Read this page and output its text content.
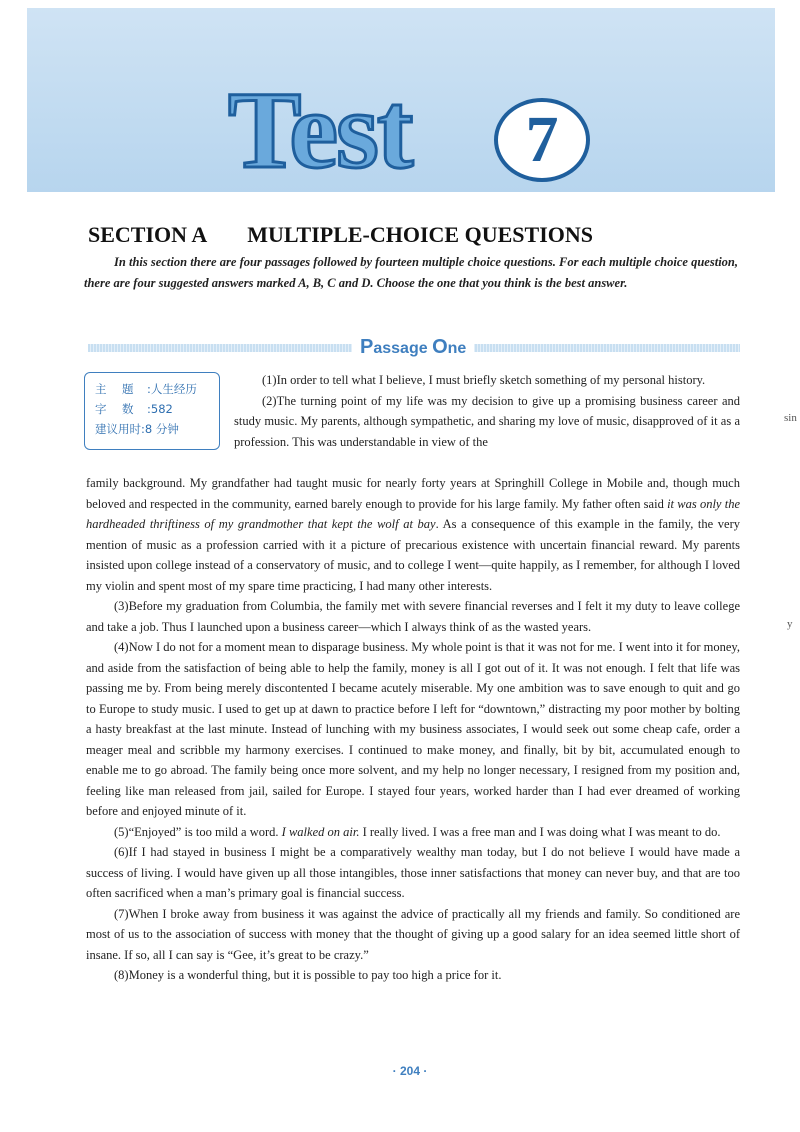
Test	7
SECTION A MULTIPLE-CHOICE QUESTIONS
In this section there are four passages followed by fourteen multiple choice questions. For each multiple choice question, there are four suggested answers marked A, B, C and D. Choose the one that you think is the best answer.
Passage One
主　题 :人生经历
字　数 :582
建议用时:8 分钟

(1)In order to tell what I believe, I must briefly sketch something of my personal history.

(2)The turning point of my life was my decision to give up a promising business career and study music. My parents, although sympathetic, and sharing my love of music, disapproved of it as a profession. This was understandable in view of the

family background. My grandfather had taught music for nearly forty years at Springhill College in Mobile and, though much beloved and respected in the community, earned barely enough to provide for his large family. My father often said it was only the hardheaded thriftiness of my grandmother that kept the wolf at bay. As a consequence of this example in the family, the very mention of music as a profession carried with it a picture of precarious existence with uncertain financial reward. My parents insisted upon college instead of a conservatory of music, and to college I went—quite happily, as I remember, for although I loved my violin and spent most of my spare time practicing, I had many other interests.

(3)Before my graduation from Columbia, the family met with severe financial reverses and I felt it my duty to leave college and take a job. Thus I launched upon a business career—which I always think of as the wasted years.

(4)Now I do not for a moment mean to disparage business. My whole point is that it was not for me. I went into it for money, and aside from the satisfaction of being able to help the family, money is all I got out of it. It was not enough. I felt that life was passing me by. From being merely discontented I became acutely miserable. My one ambition was to save enough to quit and go to Europe to study music. I used to get up at dawn to practice before I left for “downtown,” distracting my poor mother by bolting a hasty breakfast at the last minute. Instead of lunching with my business associates, I would seek out some cheap cafe, order a meager meal and scribble my harmony exercises. I continued to make money, and finally, bit by bit, accumulated enough to enable me to go abroad. The family being once more solvent, and my help no longer necessary, I resigned from my position and, feeling like man released from jail, sailed for Europe. I stayed four years, worked harder than I had ever dreamed of working before and enjoyed minute of it.

(5)“Enjoyed” is too mild a word. I walked on air. I really lived. I was a free man and I was doing what I was meant to do.

(6)If I had stayed in business I might be a comparatively wealthy man today, but I do not believe I would have made a success of living. I would have given up all those intangibles, those inner satisfactions that money can never buy, and that are too often sacrificed when a man’s primary goal is financial success.

(7)When I broke away from business it was against the advice of practically all my friends and family. So conditioned are most of us to the association of success with money that the thought of giving up a good salary for an idea seemed little short of insane. If so, all I can say is “Gee, it’s great to be crazy.”

(8)Money is a wonderful thing, but it is possible to pay too high a price for it.

sin
y
· 204 ·
